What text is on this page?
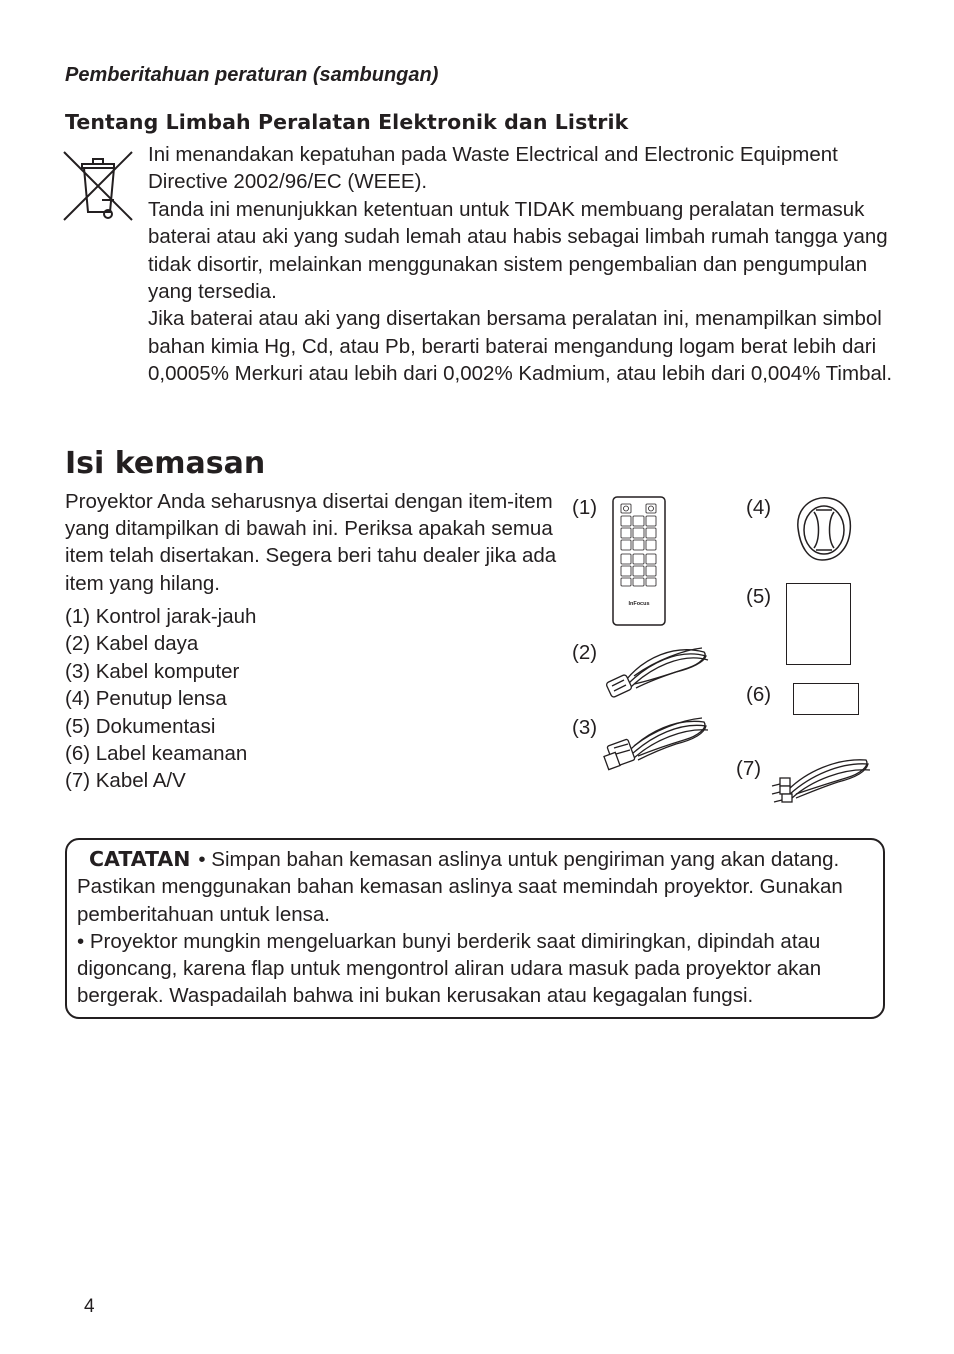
Pemberitahuan peraturan (sambungan)
Tentang Limbah Peralatan Elektronik dan Listrik

Ini menandakan kepatuhan pada Waste Electrical and Electronic Equipment Directive 2002/96/EC (WEEE).

Tanda ini menunjukkan ketentuan untuk TIDAK membuang peralatan termasuk baterai atau aki yang sudah lemah atau habis sebagai limbah rumah tangga yang tidak disortir, melainkan menggunakan sistem pengembalian dan pengumpulan yang tersedia.

Jika baterai atau aki yang disertakan bersama peralatan ini, menampilkan simbol bahan kimia Hg, Cd, atau Pb, berarti baterai mengandung logam berat lebih dari 0,0005% Merkuri atau lebih dari 0,002% Kadmium, atau lebih dari 0,004% Timbal.

Isi kemasan
Proyektor Anda seharusnya disertai dengan item-item yang ditampilkan di bawah ini. Periksa apakah semua item telah disertakan. Segera beri tahu dealer jika ada item yang hilang.
(1) Kontrol jarak-jauh
(2) Kabel daya
(3) Kabel komputer
(4) Penutup lensa
(5) Dokumentasi
(6) Label keamanan
(7) Kabel A/V
(1)
(2)
(3)
(4)
(5)
(6)
(7)
InFocus

CATATAN • Simpan bahan kemasan aslinya untuk pengiriman yang akan datang. Pastikan menggunakan bahan kemasan aslinya saat memindah proyektor. Gunakan pemberitahuan untuk lensa.

• Proyektor mungkin mengeluarkan bunyi berderik saat dimiringkan, dipindah atau digoncang, karena flap untuk mengontrol aliran udara masuk pada proyektor akan bergerak. Waspadailah bahwa ini bukan kerusakan atau kegagalan fungsi.

4
